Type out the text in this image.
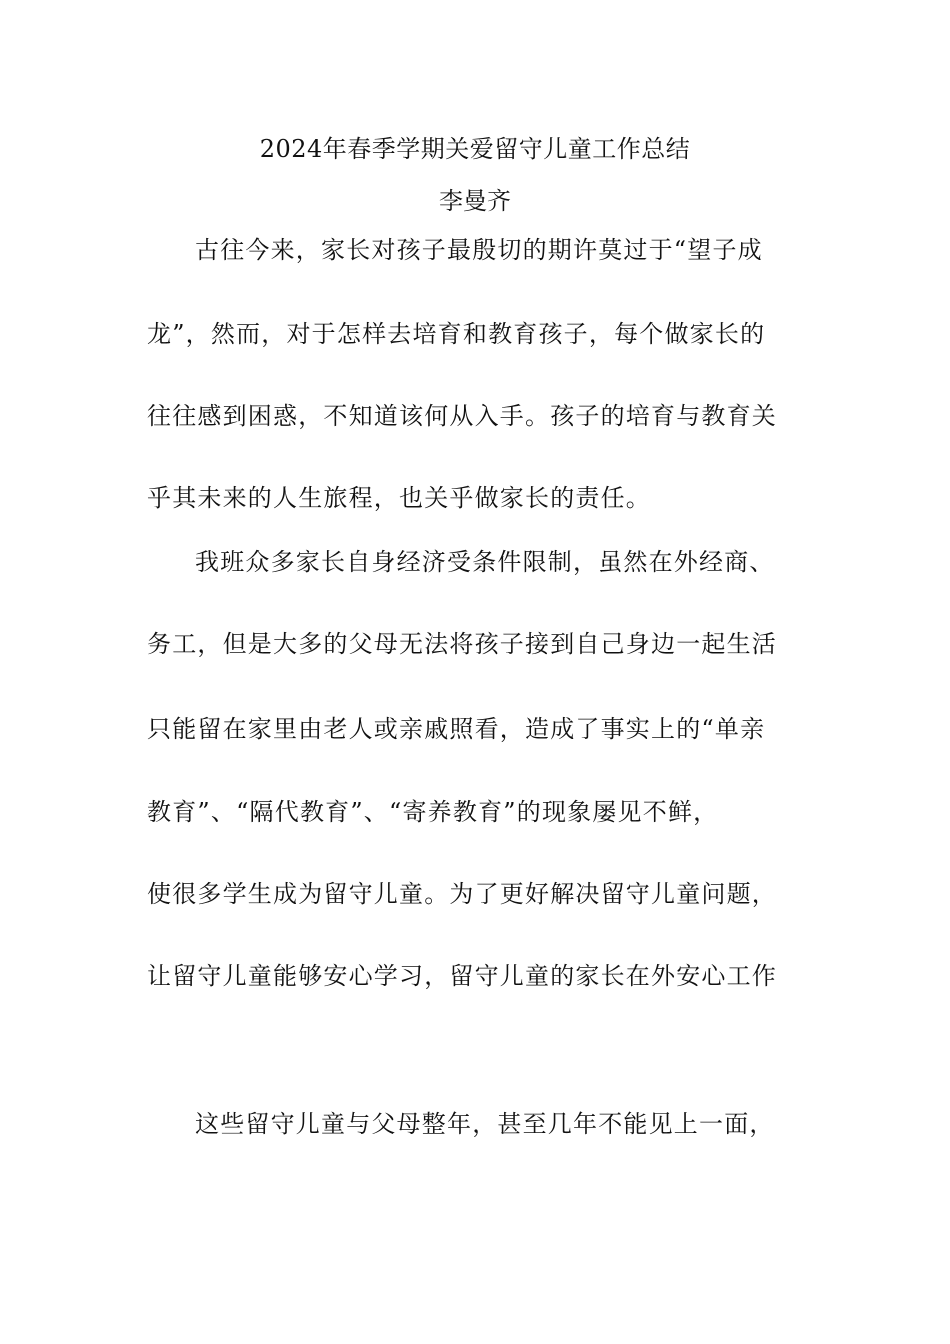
2024年春季学期关爱留守儿童工作总结
李曼齐
古往今来，家长对孩子最殷切的期许莫过于“望子成
龙”，然而，对于怎样去培育和教育孩子，每个做家长的
往往感到困惑，不知道该何从入手。孩子的培育与教育关
乎其未来的人生旅程，也关乎做家长的责任。
我班众多家长自身经济受条件限制，虽然在外经商、
务工，但是大多的父母无法将孩子接到自己身边一起生活
只能留在家里由老人或亲戚照看，造成了事实上的“单亲
教育”、“隔代教育”、“寄养教育”的现象屡见不鲜，
使很多学生成为留守儿童。为了更好解决留守儿童问题，
让留守儿童能够安心学习，留守儿童的家长在外安心工作
这些留守儿童与父母整年，甚至几年不能见上一面，
